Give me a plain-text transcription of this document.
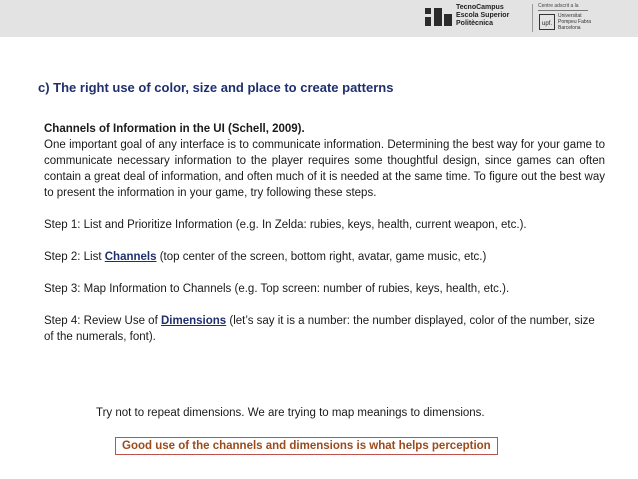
TecnoCampus
Escola Superior
Politècnica
Centre adscrit a la
upf.
Universitat
Pompeu Fabra
Barcelona
c) The right use of color, size and place to create patterns
Channels of Information in the UI (Schell, 2009).

One important goal of any interface is to communicate information. Determining the best way for your game to communicate necessary information to the player requires some thoughtful design, since games can often contain a great deal of information, and often much of it is needed at the same time. To figure out the best way to present the information in your game, try following these steps.

Step 1: List and Prioritize Information (e.g. In Zelda: rubies, keys, health, current weapon, etc.).

Step 2: List Channels (top center of the screen, bottom right, avatar, game music, etc.)

Step 3: Map Information to Channels (e.g. Top screen: number of rubies, keys, health, etc.).

Step 4: Review Use of Dimensions (let’s say it is a number: the number displayed, color of the number, size of the numerals, font).

Try not to repeat dimensions. We are trying to map meanings to dimensions.
Good use of the channels and dimensions is what helps perception
